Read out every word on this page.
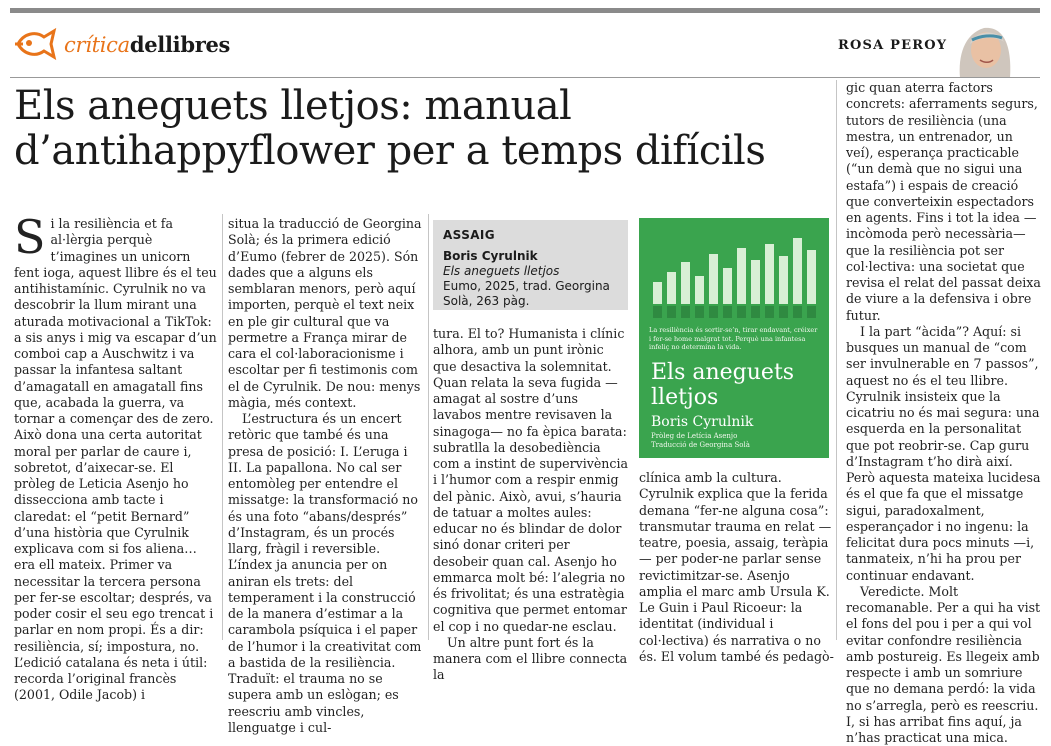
críticadellibres	ROSA PEROY
Els aneguets lletjos: manual d’antihappyflower per a temps difícils

Si la resiliència et fa al·lèrgia perquè t’imagines un unicorn fent ioga, aquest llibre és el teu antihistamínic. Cyrulnik no va descobrir la llum mirant una aturada motivacional a TikTok: a sis anys i mig va escapar d’un comboi cap a Auschwitz i va passar la infantesa saltant d’amagatall en amagatall fins que, acabada la guerra, va tornar a començar des de zero. Això dona una certa autoritat moral per parlar de caure i, sobretot, d’aixecar-se. El pròleg de Leticia Asenjo ho dissecciona amb tacte i claredat: el “petit Bernard” d’una història que Cyrulnik explicava com si fos aliena… era ell mateix. Primer va necessitar la tercera persona per fer-se escoltar; després, va poder cosir el seu ego trencat i parlar en nom propi. És a dir: resiliència, sí; impostura, no. L’edició catalana és neta i útil: recorda l’original francès (2001, Odile Jacob) i

situa la traducció de Georgina Solà; és la primera edició d’Eumo (febrer de 2025). Són dades que a alguns els semblaran menors, però aquí importen, perquè el text neix en ple gir cultural que va permetre a França mirar de cara el col·laboracionisme i escoltar per fi testimonis com el de Cyrulnik. De nou: menys màgia, més context.

L’estructura és un encert retòric que també és una presa de posició: I. L’eruga i II. La papallona. No cal ser entomòleg per entendre el missatge: la transformació no és una foto “abans/després” d’Instagram, és un procés llarg, fràgil i reversible. L’índex ja anuncia per on aniran els trets: del temperament i la construcció de la manera d’estimar a la carambola psíquica i el paper de l’humor i la creativitat com a bastida de la resiliència. Traduït: el trauma no se supera amb un eslògan; es reescriu amb vincles, llenguatge i cul-

ASSAIG
Boris Cyrulnik
Els aneguets lletjos
Eumo, 2025, trad. Georgina Solà, 263 pàg.

tura. El to? Humanista i clínic alhora, amb un punt irònic que desactiva la solemnitat. Quan relata la seva fugida —amagat al sostre d’uns lavabos mentre revisaven la sinagoga— no fa èpica barata: subratlla la desobediència com a instint de supervivència i l’humor com a respir enmig del pànic. Això, avui, s’hauria de tatuar a moltes aules: educar no és blindar de dolor sinó donar criteri per desobeir quan cal. Asenjo ho emmarca molt bé: l’alegria no és frivolitat; és una estratègia cognitiva que permet entomar el cop i no quedar-ne esclau.

Un altre punt fort és la manera com el llibre connecta la

La resiliència és sortir-se’n, tirar endavant, créixer i fer-se home malgrat tot. Perquè una infantesa infeliç no determina la vida.
Els aneguets lletjos
Boris Cyrulnik
Pròleg de Letícia Asenjo
Traducció de Georgina Solà

clínica amb la cultura. Cyrulnik explica que la ferida demana “fer-ne alguna cosa”: transmutar trauma en relat —teatre, poesia, assaig, teràpia— per poder-ne parlar sense revictimitzar-se. Asenjo amplia el marc amb Ursula K. Le Guin i Paul Ricoeur: la identitat (individual i col·lectiva) és narrativa o no és. El volum també és pedagò-

gic quan aterra factors concrets: aferraments segurs, tutors de resiliència (una mestra, un entrenador, un veí), esperança practicable (“un demà que no sigui una estafa”) i espais de creació que converteixin espectadors en agents. Fins i tot la idea —incòmoda però necessària— que la resiliència pot ser col·lectiva: una societat que revisa el relat del passat deixa de viure a la defensiva i obre futur.

I la part “àcida”? Aquí: si busques un manual de “com ser invulnerable en 7 passos”, aquest no és el teu llibre. Cyrulnik insisteix que la cicatriu no és mai segura: una esquerda en la personalitat que pot reobrir-se. Cap guru d’Instagram t’ho dirà així. Però aquesta mateixa lucidesa és el que fa que el missatge sigui, paradoxalment, esperançador i no ingenu: la felicitat dura pocs minuts —i, tanmateix, n’hi ha prou per continuar endavant.

Veredicte. Molt recomanable. Per a qui ha vist el fons del pou i per a qui vol evitar confondre resiliència amb postureig. Es llegeix amb respecte i amb un somriure que no demana perdó: la vida no s’arregla, però es reescriu. I, si has arribat fins aquí, ja n’has practicat una mica.
